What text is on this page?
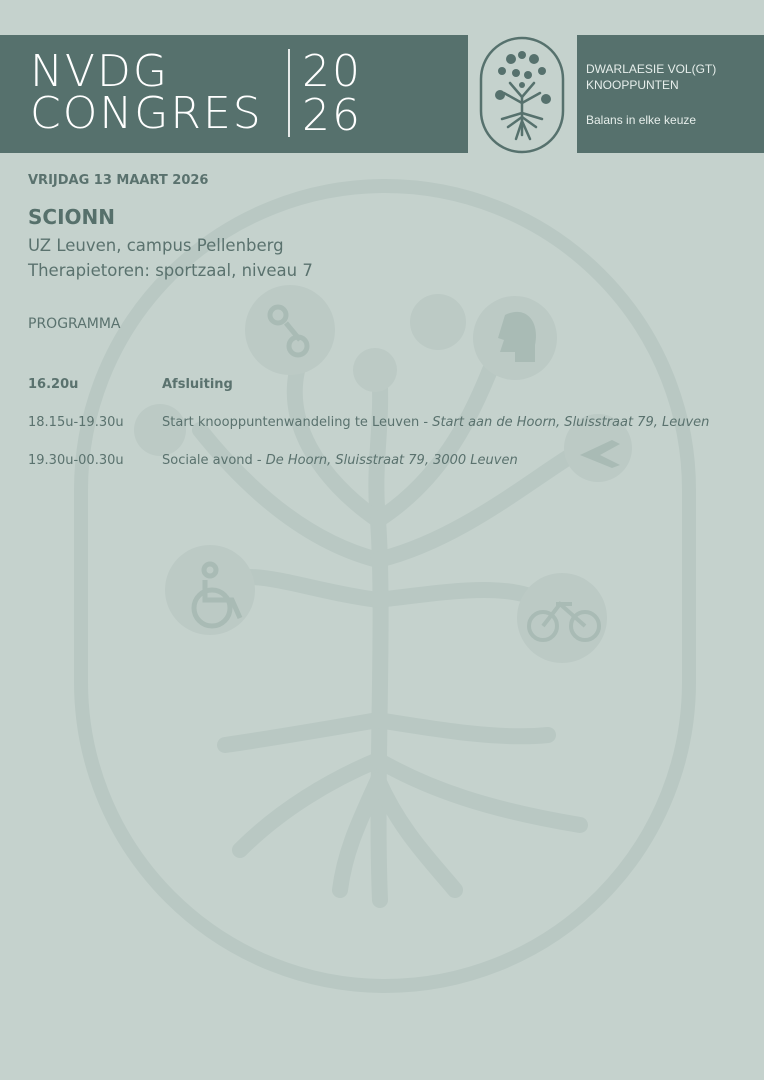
NVDG
CONGRES
20
26
DWARLAESIE VOL(GT)
KNOOPPUNTEN
Balans in elke keuze
VRIJDAG 13 MAART 2026
SCIONN
UZ Leuven, campus Pellenberg
Therapietoren: sportzaal, niveau 7
PROGRAMMA
16.20u	Afsluiting
18.15u-19.30u	Start knooppuntenwandeling te Leuven - Start aan de Hoorn, Sluisstraat 79, Leuven
19.30u-00.30u	Sociale avond - De Hoorn, Sluisstraat 79, 3000 Leuven
